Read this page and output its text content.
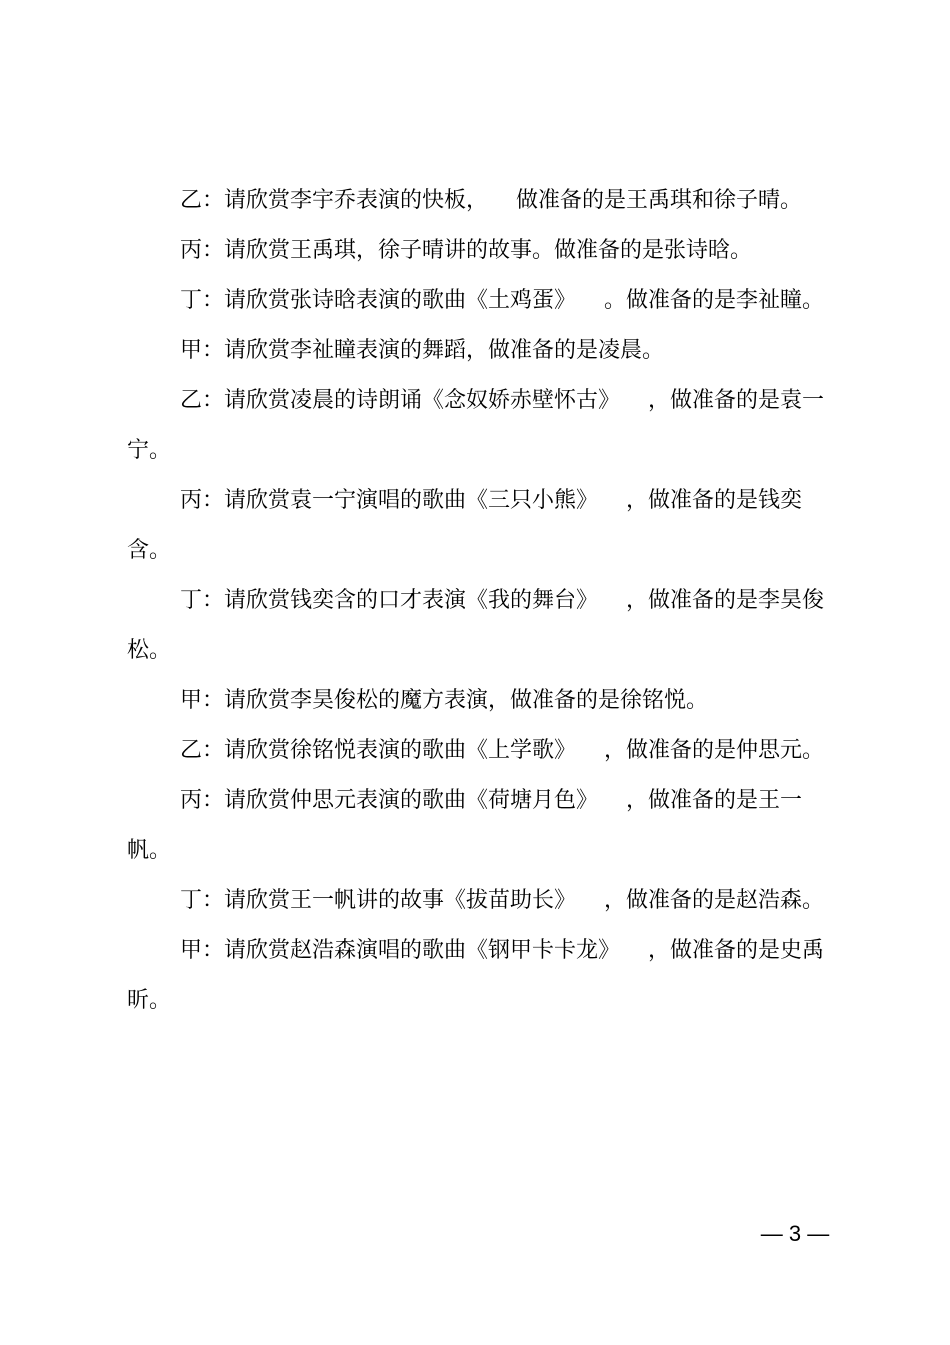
乙：请欣赏李宇乔表演的快板，    做准备的是王禹琪和徐子晴。

丙：请欣赏王禹琪，徐子晴讲的故事。做准备的是张诗晗。

丁：请欣赏张诗晗表演的歌曲《土鸡蛋》    。做准备的是李祉瞳。

甲：请欣赏李祉瞳表演的舞蹈，做准备的是凌晨。

乙：请欣赏凌晨的诗朗诵《念奴娇赤壁怀古》    ，做准备的是袁一宁。

丙：请欣赏袁一宁演唱的歌曲《三只小熊》    ，做准备的是钱奕含。

丁：请欣赏钱奕含的口才表演《我的舞台》    ，做准备的是李昊俊松。

甲：请欣赏李昊俊松的魔方表演，做准备的是徐铭悦。

乙：请欣赏徐铭悦表演的歌曲《上学歌》    ，做准备的是仲思元。

丙：请欣赏仲思元表演的歌曲《荷塘月色》    ，做准备的是王一帆。

丁：请欣赏王一帆讲的故事《拔苗助长》    ，做准备的是赵浩森。

甲：请欣赏赵浩森演唱的歌曲《钢甲卡卡龙》    ，做准备的是史禹昕。

— 3 —
